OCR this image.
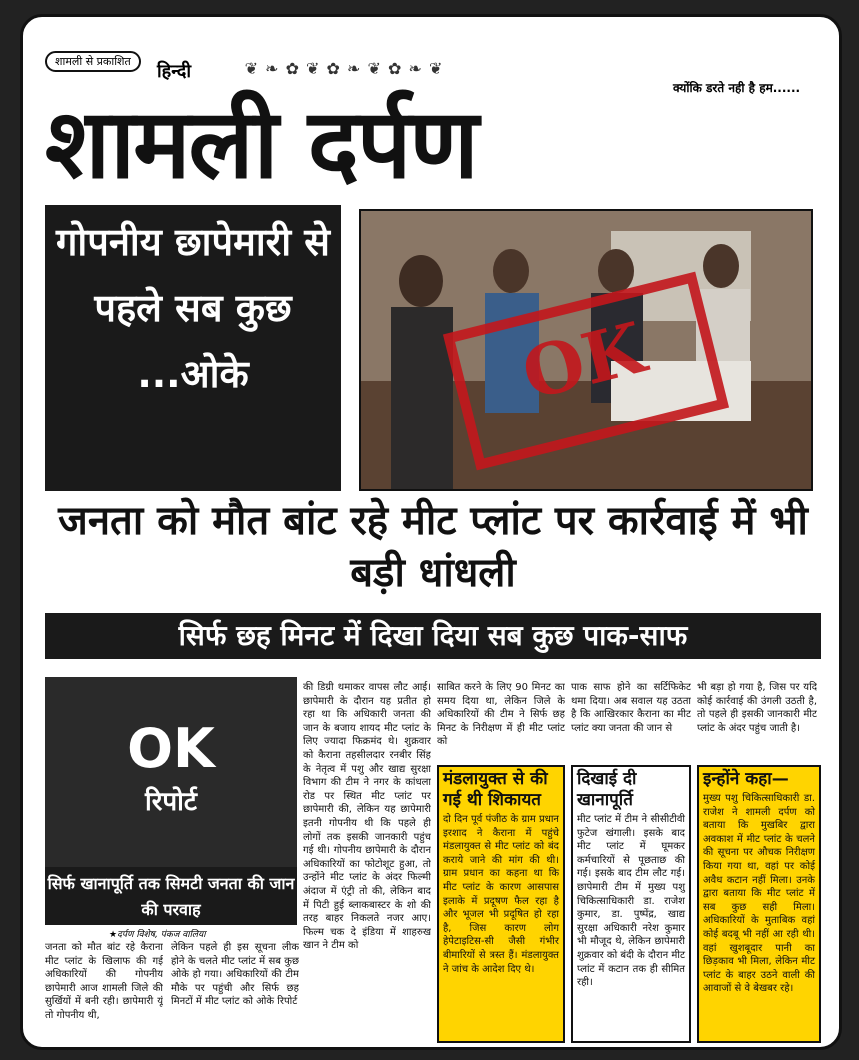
शामली से प्रकाशित	हिन्दी	❦ ❧ ✿ ❦ ✿ ❧ ❦ ✿ ❧ ❦
क्योंकि डरते नही है हम......
शामली दर्पण
गोपनीय छापेमारी से पहले सब कुछ ...ओके	OK
जनता को मौत बांट रहे मीट प्लांट पर कार्रवाई में भी बड़ी धांधली
सिर्फ छह मिनट में दिखा दिया सब कुछ पाक-साफ
OK
रिपोर्ट
सिर्फ खानापूर्ति तक सिमटी जनता की जान की परवाह
★दर्पण विशेष, पंकज वालिया
जनता को मौत बांट रहे कैराना मीट प्लांट के खिलाफ की गई अधिकारियों की गोपनीय छापेमारी आज शामली जिले की सुर्खियों में बनी रही। छापेमारी यूं तो गोपनीय थी,
लेकिन पहले ही इस सूचना लीक होने के चलते मीट प्लांट में सब कुछ ओके हो गया। अधिकारियों की टीम मौके पर पहुंची और सिर्फ छह मिनटों में मीट प्लांट को ओके रिपोर्ट
की डिग्री थमाकर वापस लौट आई। छापेमारी के दौरान यह प्रतीत हो रहा था कि अधिकारी जनता की जान के बजाय शायद मीट प्लांट के लिए ज्यादा फिक्रमंद थे। शुक्रवार को कैराना तहसीलदार रनबीर सिंह के नेतृत्व में पशु और खाद्य सुरक्षा विभाग की टीम ने नगर के कांधला रोड पर स्थित मीट प्लांट पर छापेमारी की, लेकिन यह छापेमारी इतनी गोपनीय थी कि पहले ही लोगों तक इसकी जानकारी पहुंच गई थी। गोपनीय छापेमारी के दौरान अधिकारियों का फोटोशूट हुआ, तो उन्होंने मीट प्लांट के अंदर फिल्मी अंदाज में एंट्री तो की, लेकिन बाद में पिटी हुई ब्लाकबास्टर के शो की तरह बाहर निकलते नजर आए। फिल्म चक दे इंडिया में शाहरुख खान ने टीम को
साबित करने के लिए 90 मिनट का समय दिया था, लेकिन जिले के अधिकारियों की टीम ने सिर्फ छह मिनट के निरीक्षण में ही मीट प्लांट को
पाक साफ होने का सर्टिफिकेट थमा दिया। अब सवाल यह उठता है कि आखिरकार कैराना का मीट प्लांट क्या जनता की जान से
भी बड़ा हो गया है, जिस पर यदि कोई कार्रवाई की उंगली उठती है, तो पहले ही इसकी जानकारी मीट प्लांट के अंदर पहुंच जाती है।
मंडलायुक्त से की गई थी शिकायत

दो दिन पूर्व पंजीठ के ग्राम प्रधान इरशाद ने कैराना में पहुंचे मंडलायुक्त से मीट प्लांट को बंद कराये जाने की मांग की थी। ग्राम प्रधान का कहना था कि मीट प्लांट के कारण आसपास इलाके में प्रदूषण फैल रहा है और भूजल भी प्रदूषित हो रहा है, जिस कारण लोग हेपेटाइटिस-सी जैसी गंभीर बीमारियों से त्रस्त हैं। मंडलायुक्त ने जांच के आदेश दिए थे।

दिखाई दी खानापूर्ति

मीट प्लांट में टीम ने सीसीटीवी फुटेज खंगाली। इसके बाद मीट प्लांट में घूमकर कर्मचारियों से पूछताछ की गई। इसके बाद टीम लौट गई। छापेमारी टीम में मुख्य पशु चिकित्साधिकारी डा. राजेश कुमार, डा. पुष्पेंद्र, खाद्य सुरक्षा अधिकारी नरेश कुमार भी मौजूद थे, लेकिन छापेमारी शुक्रवार को बंदी के दौरान मीट प्लांट में कटान तक ही सीमित रही।

इन्होंने कहा—

मुख्य पशु चिकित्साधिकारी डा. राजेश ने शामली दर्पण को बताया कि मुखबिर द्वारा अवकाश में मीट प्लांट के चलने की सूचना पर औचक निरीक्षण किया गया था, वहां पर कोई अवैध कटान नहीं मिला। उनके द्वारा बताया कि मीट प्लांट में सब कुछ सही मिला। अधिकारियों के मुताबिक वहां कोई बदबू भी नहीं आ रही थी। वहां खुशबूदार पानी का छिड़काव भी मिला, लेकिन मीट प्लांट के बाहर उठने वाली की आवाजों से वे बेखबर रहे।
